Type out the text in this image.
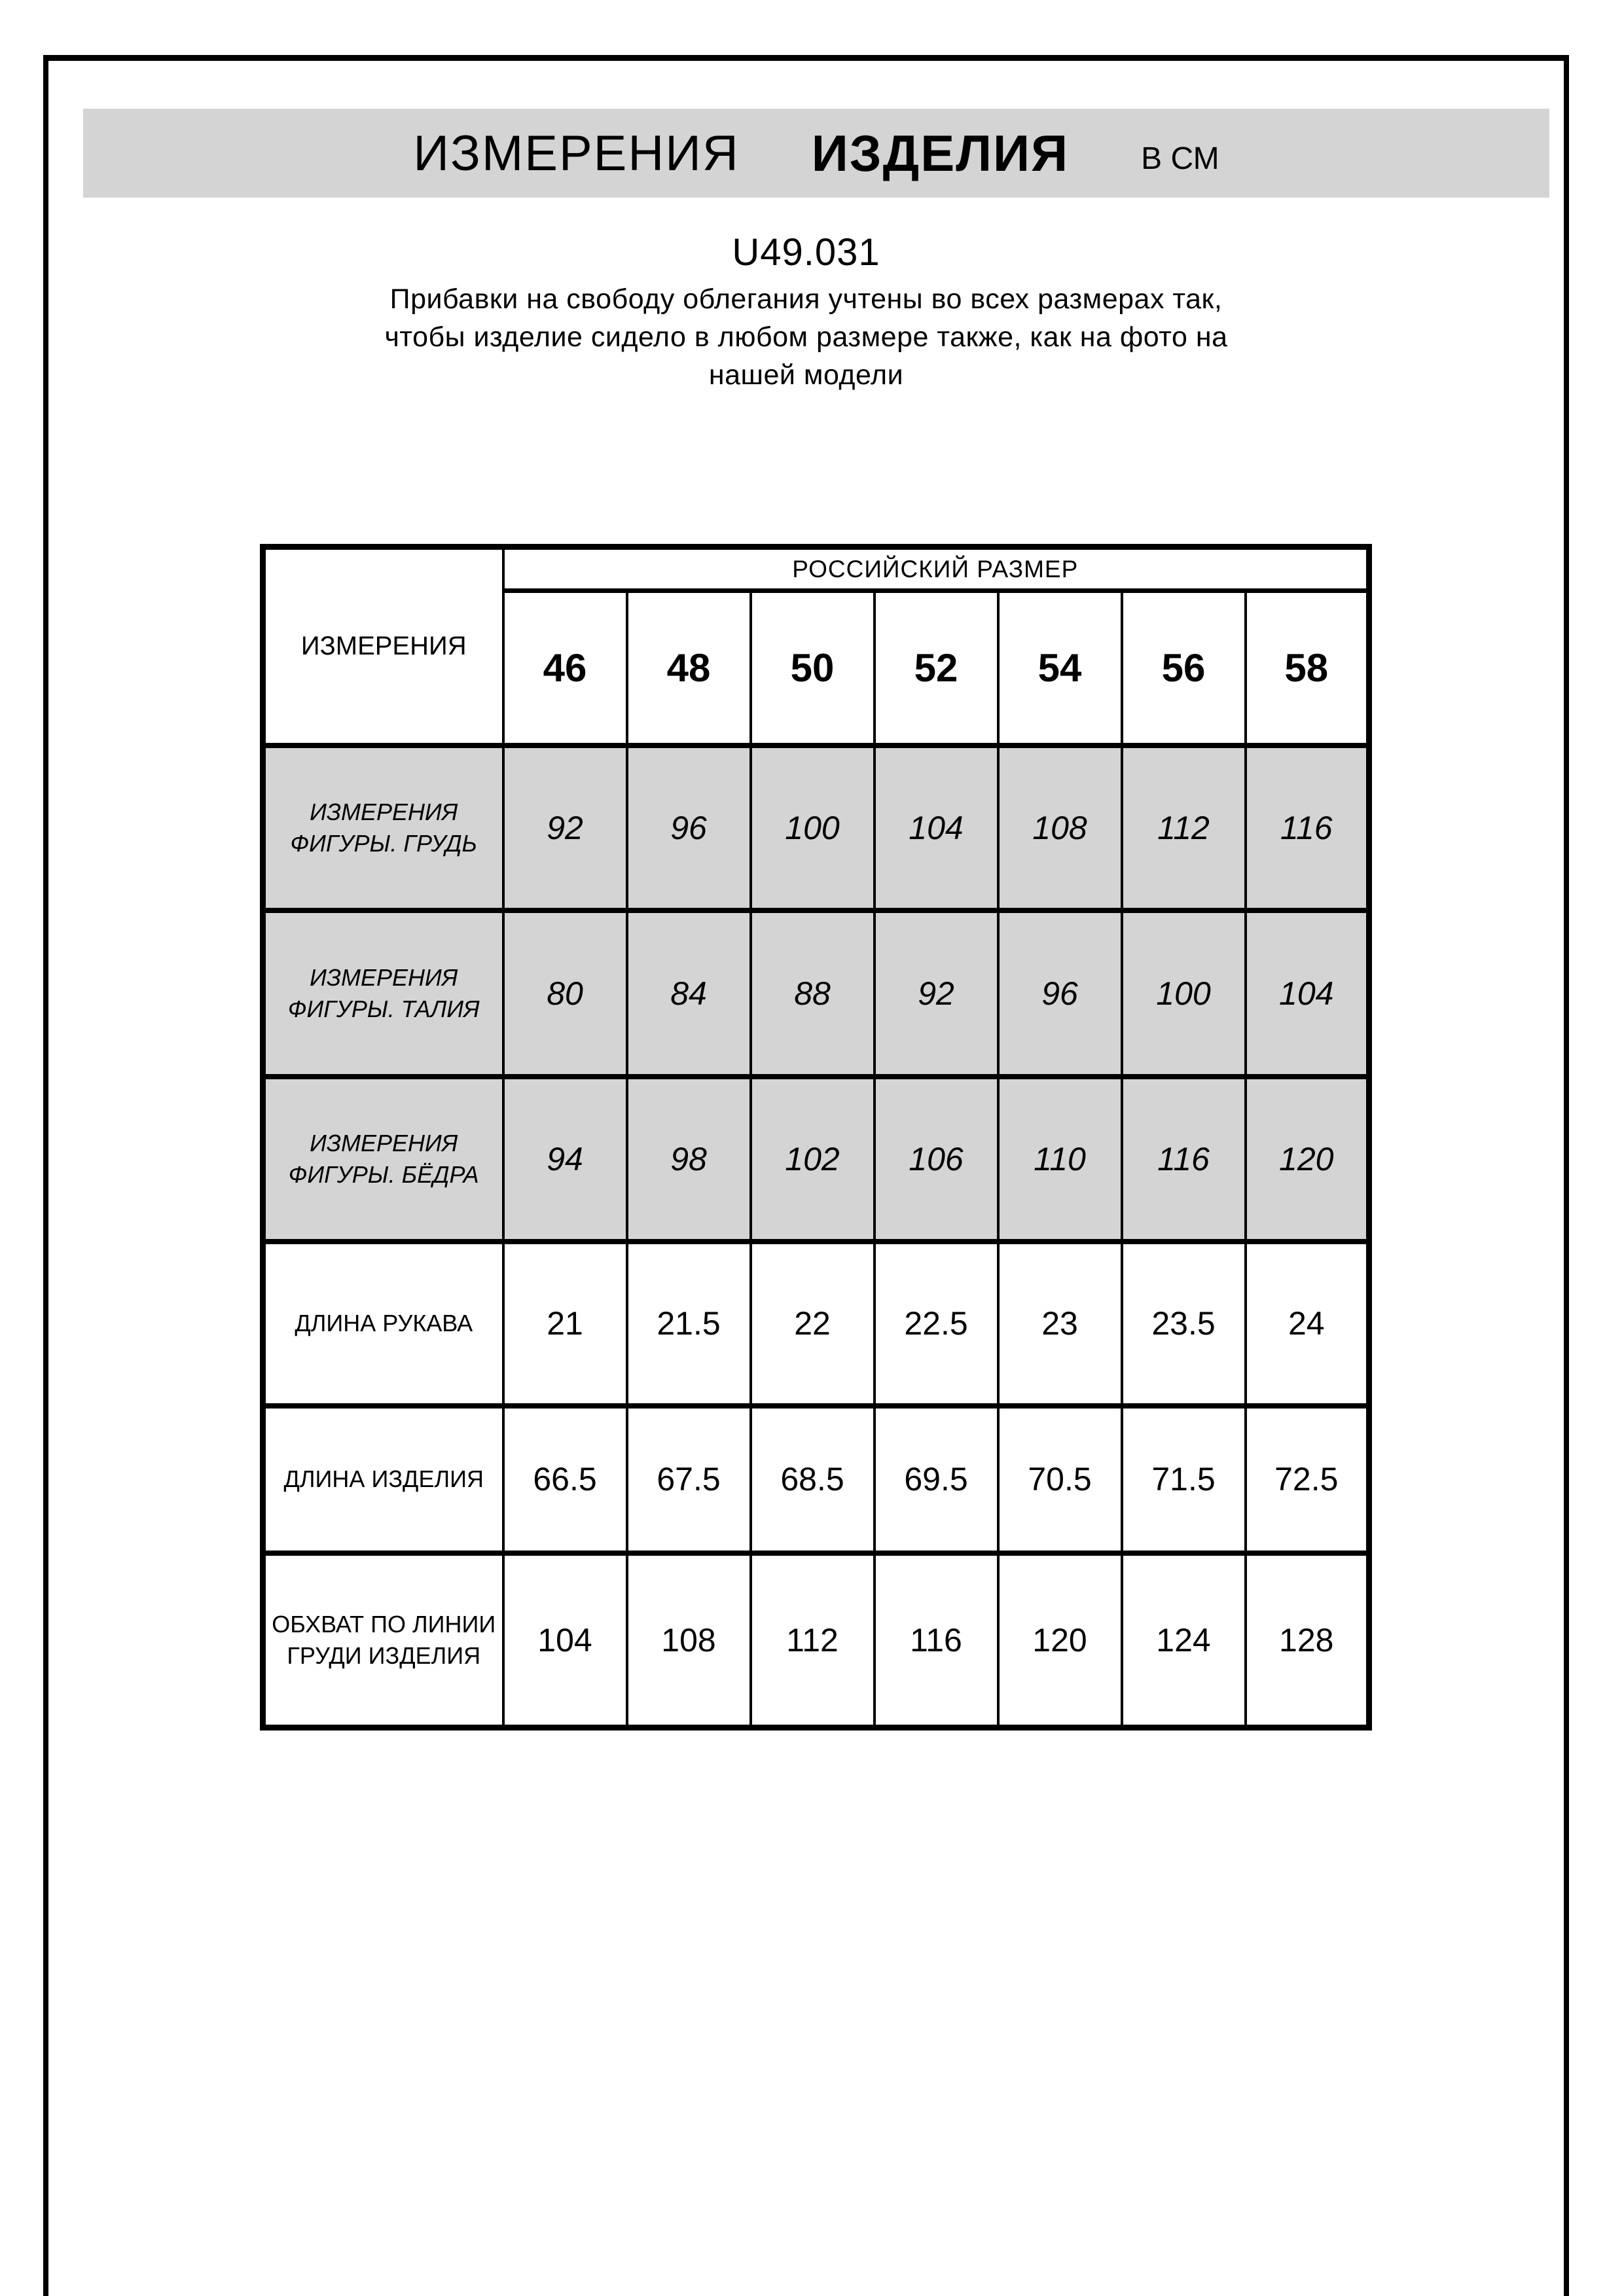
ИЗМЕРЕНИЯ ИЗДЕЛИЯ В СМ
U49.031
Прибавки на свободу облегания учтены во всех размерах так,
чтобы изделие сидело в любом размере также, как на фото на
нашей модели
ИЗМЕРЕНИЯ	РОССИЙСКИЙ РАЗМЕР						
	46	48	50	52	54	56	58
ИЗМЕРЕНИЯ ФИГУРЫ. ГРУДЬ	92	96	100	104	108	112	116
ИЗМЕРЕНИЯ ФИГУРЫ. ТАЛИЯ	80	84	88	92	96	100	104
ИЗМЕРЕНИЯ ФИГУРЫ. БЁДРА	94	98	102	106	110	116	120
ДЛИНА РУКАВА	21	21.5	22	22.5	23	23.5	24
ДЛИНА ИЗДЕЛИЯ	66.5	67.5	68.5	69.5	70.5	71.5	72.5
ОБХВАТ ПО ЛИНИИ ГРУДИ ИЗДЕЛИЯ	104	108	112	116	120	124	128
